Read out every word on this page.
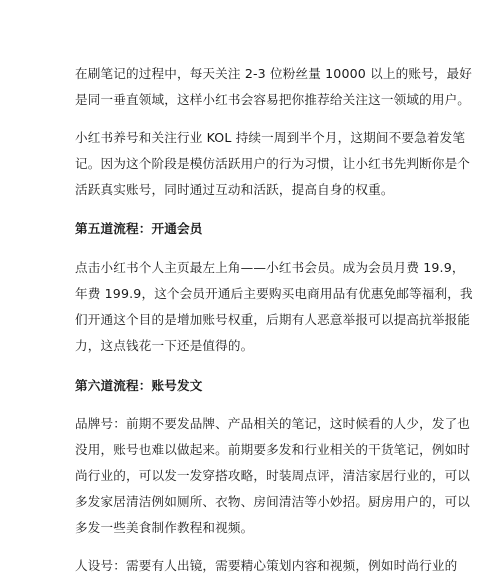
在刷笔记的过程中，每天关注 2-3 位粉丝量 10000 以上的账号，最好
是同一垂直领域，这样小红书会容易把你推荐给关注这一领域的用户。

小红书养号和关注行业 KOL 持续一周到半个月，这期间不要急着发笔
记。因为这个阶段是模仿活跃用户的行为习惯，让小红书先判断你是个
活跃真实账号，同时通过互动和活跃，提高自身的权重。

第五道流程：开通会员

点击小红书个人主页最左上角——小红书会员。成为会员月费 19.9，
年费 199.9，这个会员开通后主要购买电商用品有优惠免邮等福利，我
们开通这个目的是增加账号权重，后期有人恶意举报可以提高抗举报能
力，这点钱花一下还是值得的。

第六道流程：账号发文

品牌号：前期不要发品牌、产品相关的笔记，这时候看的人少，发了也
没用，账号也难以做起来。前期要多发和行业相关的干货笔记，例如时
尚行业的，可以发一发穿搭攻略，时装周点评，清洁家居行业的，可以
多发家居清洁例如厕所、衣物、房间清洁等小妙招。厨房用户的，可以
多发一些美食制作教程和视频。

人设号：需要有人出镜，需要精心策划内容和视频，例如时尚行业的
